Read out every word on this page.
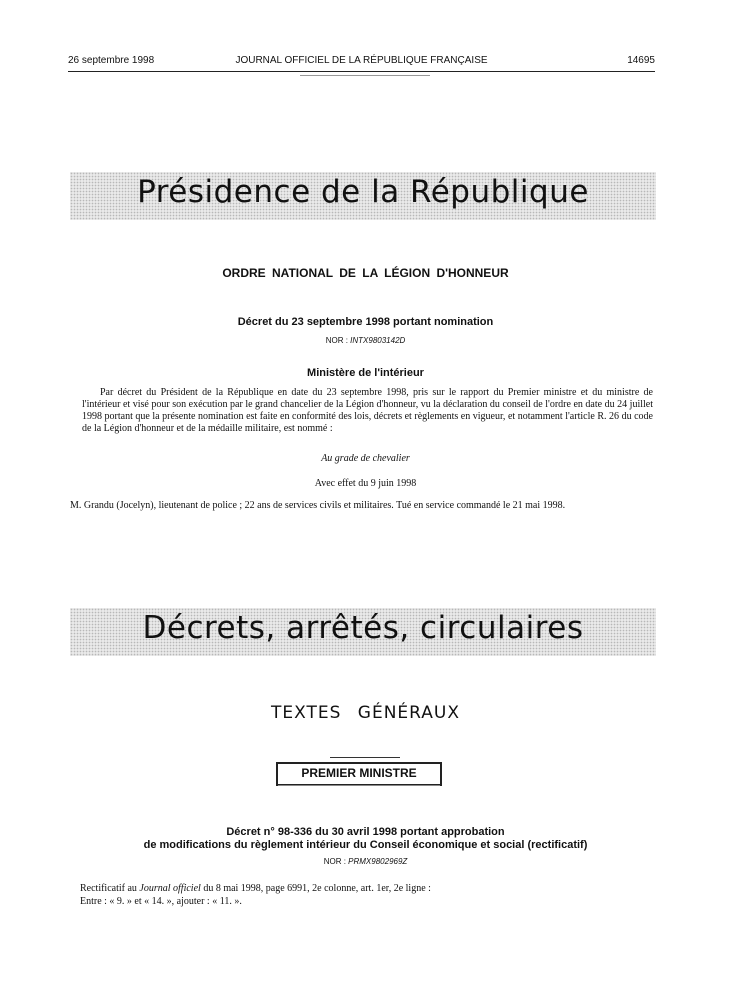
26 septembre 1998	JOURNAL OFFICIEL DE LA RÉPUBLIQUE FRANÇAISE	14695
Présidence de la République
ORDRE NATIONAL DE LA LÉGION D'HONNEUR
Décret du 23 septembre 1998 portant nomination
NOR : INTX9803142D
Ministère de l'intérieur
Par décret du Président de la République en date du 23 septembre 1998, pris sur le rapport du Premier ministre et du ministre de l'intérieur et visé pour son exécution par le grand chancelier de la Légion d'honneur, vu la déclaration du conseil de l'ordre en date du 24 juillet 1998 portant que la présente nomination est faite en conformité des lois, décrets et règlements en vigueur, et notamment l'article R. 26 du code de la Légion d'honneur et de la médaille militaire, est nommé :
Au grade de chevalier
Avec effet du 9 juin 1998
M. Grandu (Jocelyn), lieutenant de police ; 22 ans de services civils et militaires. Tué en service commandé le 21 mai 1998.
Décrets, arrêtés, circulaires
TEXTES GÉNÉRAUX
PREMIER MINISTRE
Décret n° 98-336 du 30 avril 1998 portant approbation
de modifications du règlement intérieur du Conseil économique et social (rectificatif)
NOR : PRMX9802969Z
Rectificatif au Journal officiel du 8 mai 1998, page 6991, 2e colonne, art. 1er, 2e ligne :
Entre : « 9. » et « 14. », ajouter : « 11. ».
